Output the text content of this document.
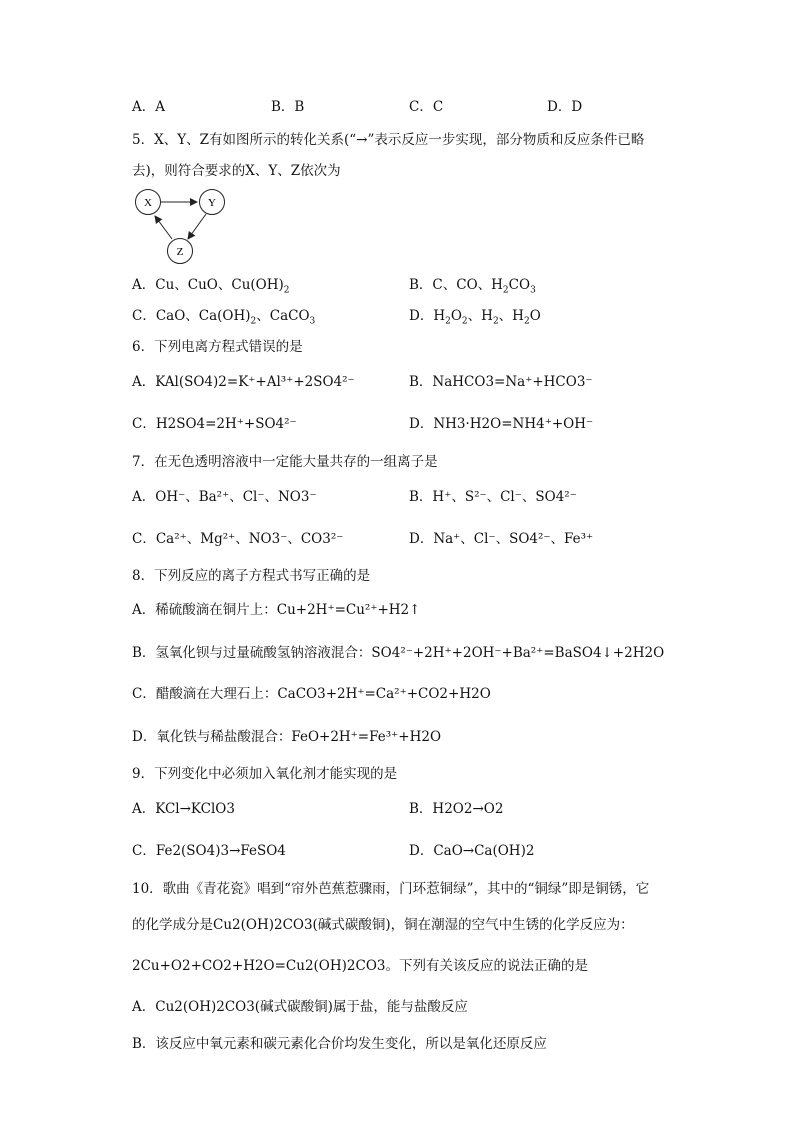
A．A	B．B	C．C	D．D
5．X、Y、Z有如图所示的转化关系(“→”表示反应一步实现，部分物质和反应条件已略
去)，则符合要求的X、Y、Z依次为
X	Y
Z
A．Cu、CuO、$Cu(OH)_2$	B．C、CO、$H_2CO_3$
C．CaO、$Ca(OH)_2$、CaCO$_3$	D．$H_2O_2$、$H_2$、$H_2O$
6．下列电离方程式错误的是
A．KAl(SO4)2=K⁺+Al³⁺+2SO4²⁻	B．NaHCO3=Na⁺+HCO3⁻
C．H2SO4=2H⁺+SO4²⁻	D．NH3·H2O=NH4⁺+OH⁻
7．在无色透明溶液中一定能大量共存的一组离子是
A．OH⁻、Ba²⁺、Cl⁻、NO3⁻	B．H⁺、S²⁻、Cl⁻、SO4²⁻
C．Ca²⁺、Mg²⁺、NO3⁻、CO3²⁻	D．Na⁺、Cl⁻、SO4²⁻、Fe³⁺
8．下列反应的离子方程式书写正确的是
A．稀硫酸滴在铜片上：Cu+2H⁺=Cu²⁺+H2↑
B．氢氧化钡与过量硫酸氢钠溶液混合：SO4²⁻+2H⁺+2OH⁻+Ba²⁺=BaSO4↓+2H2O
C．醋酸滴在大理石上：CaCO3+2H⁺=Ca²⁺+CO2+H2O
D．氧化铁与稀盐酸混合：FeO+2H⁺=Fe³⁺+H2O
9．下列变化中必须加入氧化剂才能实现的是
A．KCl→KClO3	B．H2O2→O2
C．Fe2(SO4)3→FeSO4	D．CaO→Ca(OH)2
10．歌曲《青花瓷》唱到“帘外芭蕉惹骤雨，门环惹铜绿”，其中的“铜绿”即是铜锈，它
的化学成分是Cu2(OH)2CO3(碱式碳酸铜)，铜在潮湿的空气中生锈的化学反应为：
2Cu+O2+CO2+H2O=Cu2(OH)2CO3。下列有关该反应的说法正确的是
A．Cu2(OH)2CO3(碱式碳酸铜)属于盐，能与盐酸反应
B．该反应中氧元素和碳元素化合价均发生变化，所以是氧化还原反应
